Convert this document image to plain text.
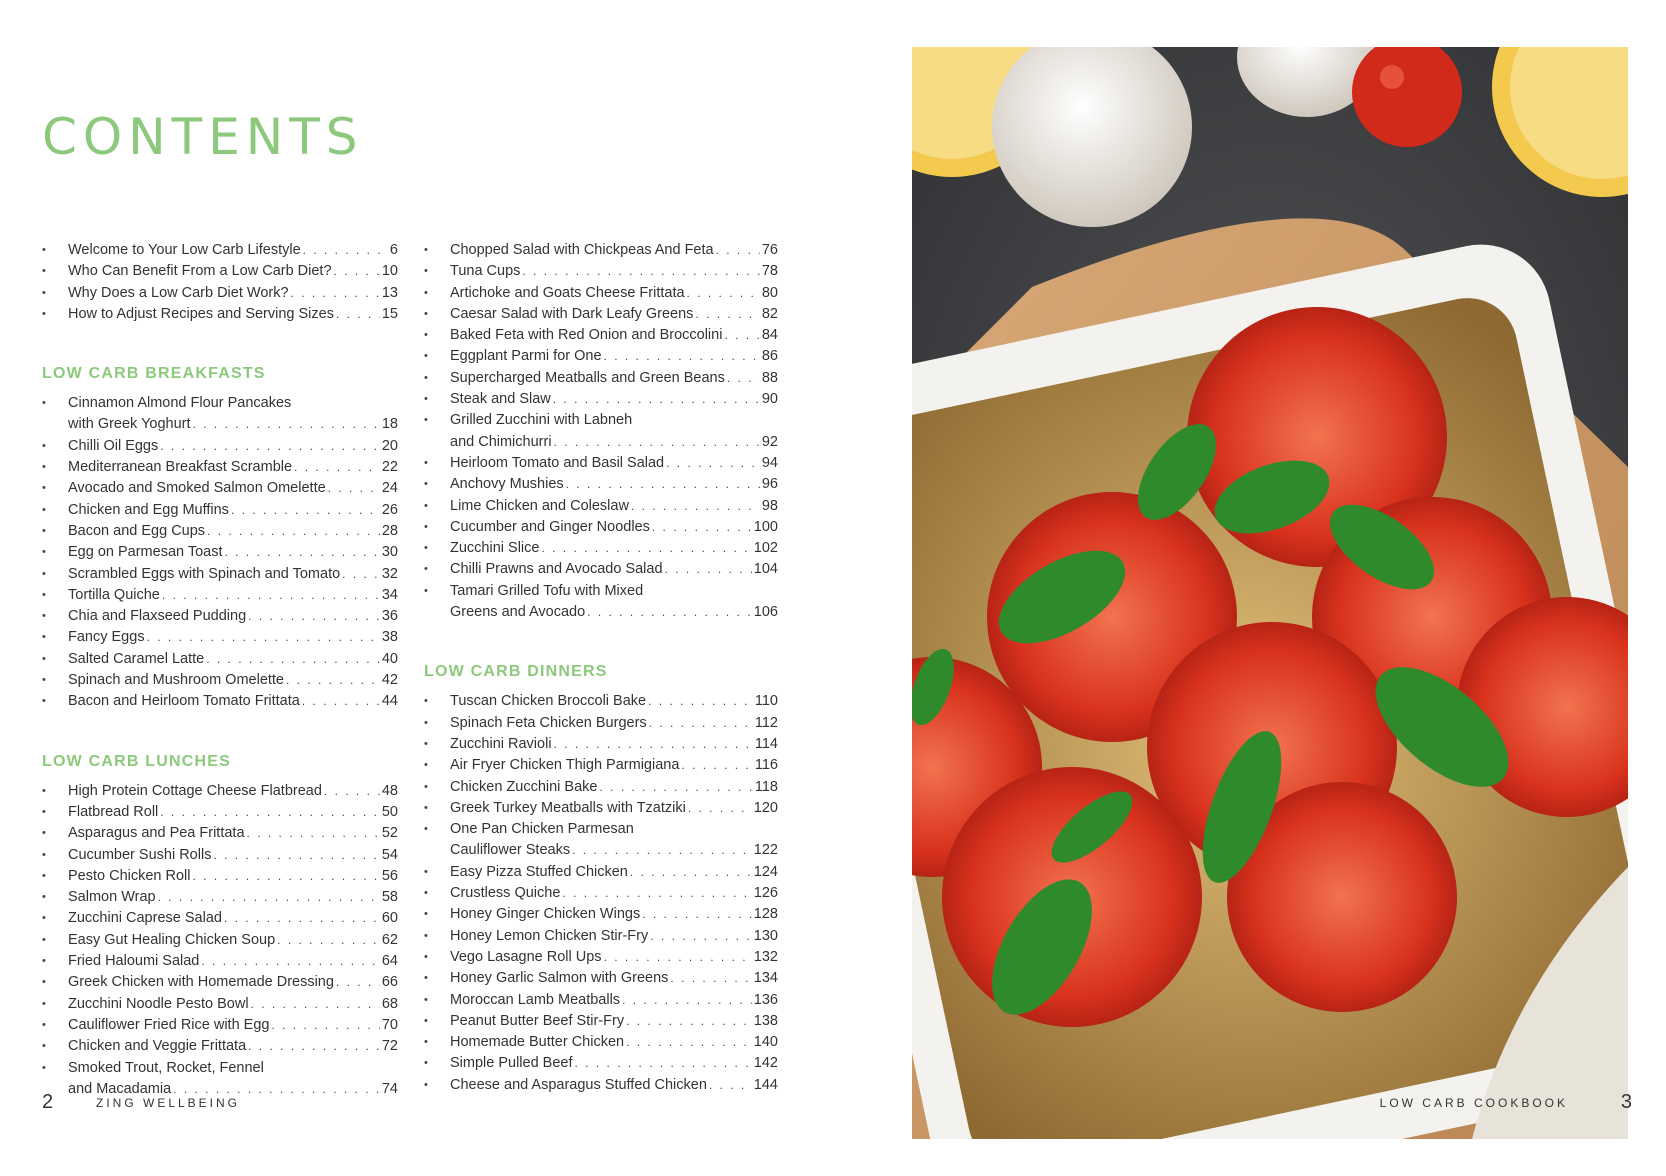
CONTENTS
• Welcome to Your Low Carb Lifestyle . . .	6
• Who Can Benefit From a Low Carb Diet? . . .	10
• Why Does a Low Carb Diet Work? . . .	13
• How to Adjust Recipes and Serving Sizes . . .	15
LOW CARB BREAKFASTS
• Cinnamon Almond Flour Pancakes
with Greek Yoghurt . . .	18
• Chilli Oil Eggs . . .	20
• Mediterranean Breakfast Scramble . . .	22
• Avocado and Smoked Salmon Omelette . . .	24
• Chicken and Egg Muffins . . .	26
• Bacon and Egg Cups . . .	28
• Egg on Parmesan Toast . . .	30
• Scrambled Eggs with Spinach and Tomato . . .	32
• Tortilla Quiche . . .	34
• Chia and Flaxseed Pudding . . .	36
• Fancy Eggs . . .	38
• Salted Caramel Latte . . .	40
• Spinach and Mushroom Omelette . . .	42
• Bacon and Heirloom Tomato Frittata . . .	44
LOW CARB LUNCHES
• High Protein Cottage Cheese Flatbread . . .	48
• Flatbread Roll . . .	50
• Asparagus and Pea Frittata . . .	52
• Cucumber Sushi Rolls . . .	54
• Pesto Chicken Roll . . .	56
• Salmon Wrap . . .	58
• Zucchini Caprese Salad . . .	60
• Easy Gut Healing Chicken Soup . . .	62
• Fried Haloumi Salad . . .	64
• Greek Chicken with Homemade Dressing . . .	66
• Zucchini Noodle Pesto Bowl . . .	68
• Cauliflower Fried Rice with Egg . . .	70
• Chicken and Veggie Frittata . . .	72
• Smoked Trout, Rocket, Fennel
and Macadamia . . .	74
• Chopped Salad with Chickpeas And Feta . . .	76
• Tuna Cups . . .	78
• Artichoke and Goats Cheese Frittata . . .	80
• Caesar Salad with Dark Leafy Greens . . .	82
• Baked Feta with Red Onion and Broccolini . . .	84
• Eggplant Parmi for One . . .	86
• Supercharged Meatballs and Green Beans . . .	88
• Steak and Slaw . . .	90
• Grilled Zucchini with Labneh
and Chimichurri . . .	92
• Heirloom Tomato and Basil Salad . . .	94
• Anchovy Mushies . . .	96
• Lime Chicken and Coleslaw . . .	98
• Cucumber and Ginger Noodles . . .	100
• Zucchini Slice . . .	102
• Chilli Prawns and Avocado Salad . . .	104
• Tamari Grilled Tofu with Mixed
Greens and Avocado . . .	106
LOW CARB DINNERS
• Tuscan Chicken Broccoli Bake . . .	110
• Spinach Feta Chicken Burgers . . .	112
• Zucchini Ravioli . . .	114
• Air Fryer Chicken Thigh Parmigiana . . .	116
• Chicken Zucchini Bake . . .	118
• Greek Turkey Meatballs with Tzatziki . . .	120
• One Pan Chicken Parmesan
Cauliflower Steaks . . .	122
• Easy Pizza Stuffed Chicken . . .	124
• Crustless Quiche . . .	126
• Honey Ginger Chicken Wings . . .	128
• Honey Lemon Chicken Stir-Fry . . .	130
• Vego Lasagne Roll Ups . . .	132
• Honey Garlic Salmon with Greens . . .	134
• Moroccan Lamb Meatballs . . .	136
• Peanut Butter Beef Stir-Fry . . .	138
• Homemade Butter Chicken . . .	140
• Simple Pulled Beef . . .	142
• Cheese and Asparagus Stuffed Chicken . . .	144
2	ZING WELLBEING	LOW CARB COOKBOOK	3
